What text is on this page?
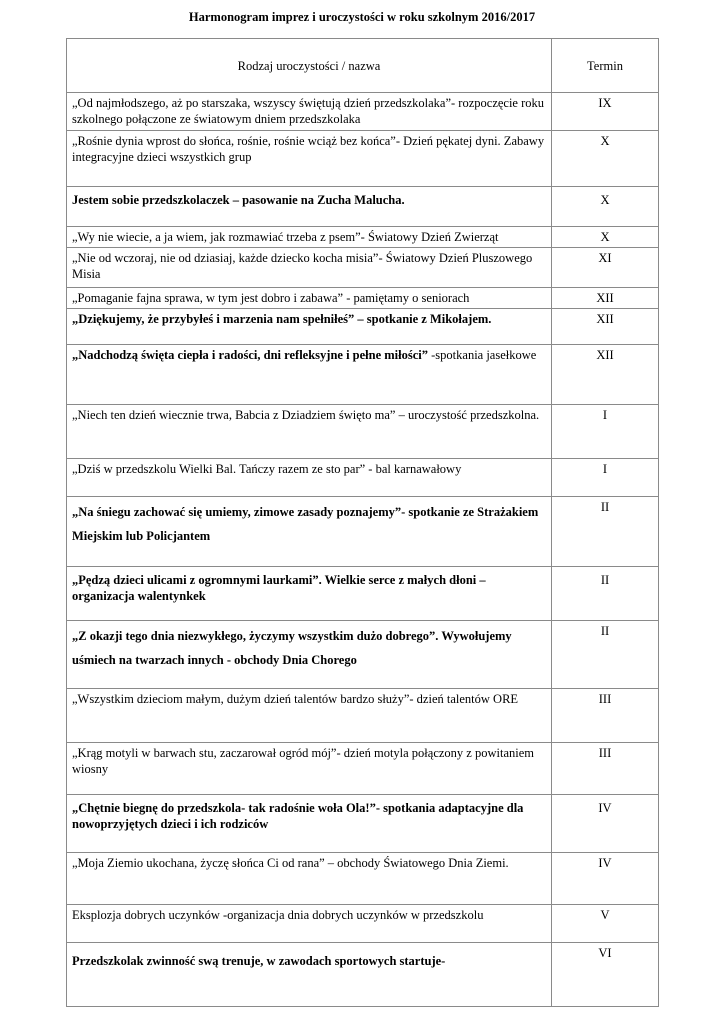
Harmonogram imprez i uroczystości w roku szkolnym 2016/2017
Rodzaj uroczystości / nazwa	Termin
„Od najmłodszego, aż po starszaka, wszyscy świętują dzień przedszkolaka”- rozpoczęcie roku szkolnego połączone ze światowym dniem przedszkolaka	IX
„Rośnie dynia wprost do słońca, rośnie, rośnie wciąż bez końca”- Dzień pękatej dyni. Zabawy integracyjne dzieci wszystkich grup	X
Jestem sobie przedszkolaczek – pasowanie na Zucha Malucha.	X
„Wy nie wiecie, a ja wiem, jak rozmawiać trzeba z psem”- Światowy Dzień Zwierząt	X
„Nie od wczoraj, nie od dziasiaj, każde dziecko kocha misia”- Światowy Dzień Pluszowego Misia	XI
„Pomaganie fajna sprawa, w tym jest dobro i zabawa” - pamiętamy o seniorach	XII
„Dziękujemy, że przybyłeś i marzenia nam spełniłeś” – spotkanie z Mikołajem.	XII
„Nadchodzą święta ciepła i radości, dni refleksyjne i pełne miłości” -spotkania jasełkowe	XII
„Niech ten dzień wiecznie trwa, Babcia z Dziadziem święto ma” – uroczystość przedszkolna.	I
„Dziś w przedszkolu Wielki Bal. Tańczy razem ze sto par” - bal karnawałowy	I
„Na śniegu zachować się umiemy, zimowe zasady poznajemy”- spotkanie ze Strażakiem Miejskim lub Policjantem	II
„Pędzą dzieci ulicami z ogromnymi laurkami”. Wielkie serce z małych dłoni – organizacja walentynkek	II
„Z okazji tego dnia niezwykłego, życzymy wszystkim dużo dobrego”. Wywołujemy uśmiech na twarzach innych - obchody Dnia Chorego	II
„Wszystkim dzieciom małym, dużym dzień talentów bardzo służy”- dzień talentów ORE	III
„Krąg motyli w barwach stu, zaczarował ogród mój”- dzień motyla połączony z powitaniem wiosny	III
„Chętnie biegnę do przedszkola- tak radośnie woła Ola!”- spotkania adaptacyjne dla nowoprzyjętych dzieci i ich rodziców	IV
„Moja Ziemio ukochana, życzę słońca Ci od rana” – obchody Światowego Dnia Ziemi.	IV
Eksplozja dobrych uczynków -organizacja dnia dobrych uczynków w przedszkolu	V
Przedszkolak zwinność swą trenuje, w zawodach sportowych startuje-	VI
